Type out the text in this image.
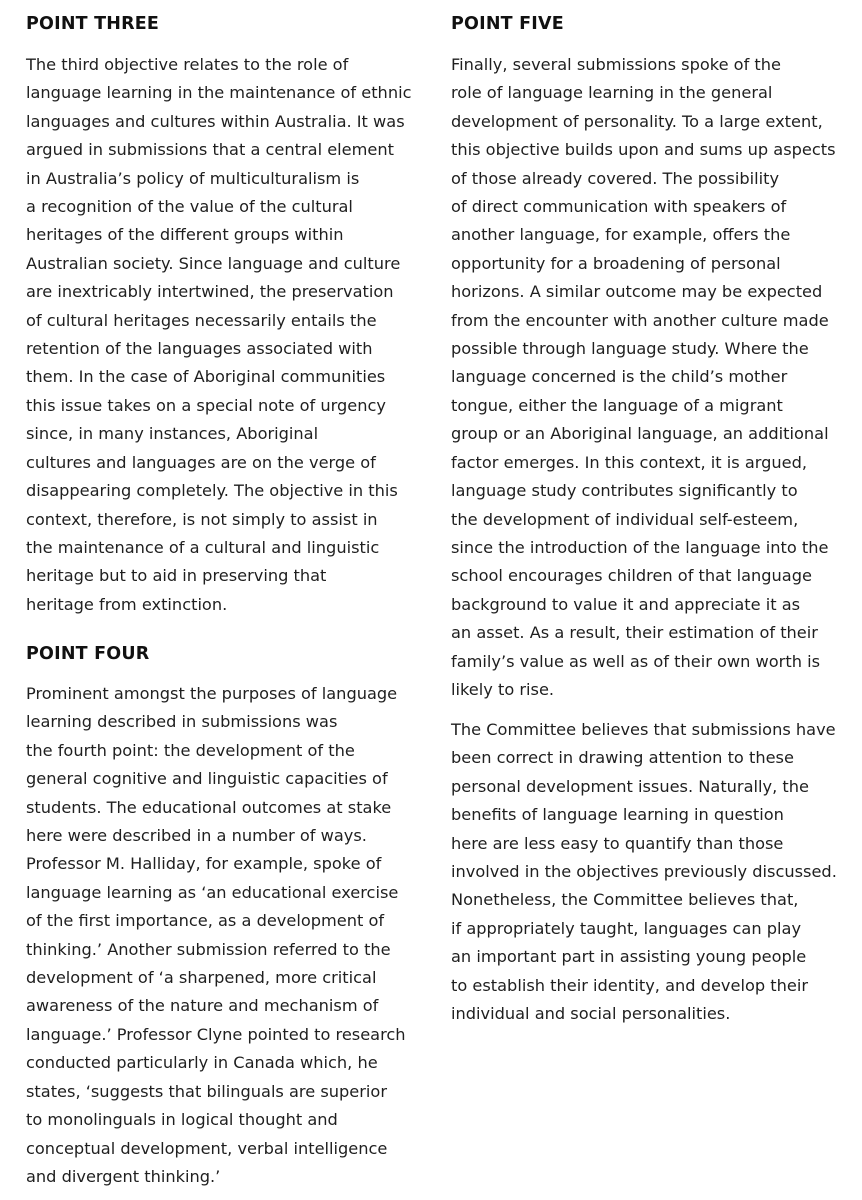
POINT THREE
The third objective relates to the role of
language learning in the maintenance of ethnic
languages and cultures within Australia. It was
argued in submissions that a central element
in Australia’s policy of multiculturalism is
a recognition of the value of the cultural
heritages of the different groups within
Australian society. Since language and culture
are inextricably intertwined, the preservation
of cultural heritages necessarily entails the
retention of the languages associated with
them. In the case of Aboriginal communities
this issue takes on a special note of urgency
since, in many instances, Aboriginal
cultures and languages are on the verge of
disappearing completely. The objective in this
context, therefore, is not simply to assist in
the maintenance of a cultural and linguistic
heritage but to aid in preserving that
heritage from extinction.
POINT FOUR
Prominent amongst the purposes of language
learning described in submissions was
the fourth point: the development of the
general cognitive and linguistic capacities of
students. The educational outcomes at stake
here were described in a number of ways.
Professor M. Halliday, for example, spoke of
language learning as ‘an educational exercise
of the first importance, as a development of
thinking.’ Another submission referred to the
development of ‘a sharpened, more critical
awareness of the nature and mechanism of
language.’ Professor Clyne pointed to research
conducted particularly in Canada which, he
states, ‘suggests that bilinguals are superior
to monolinguals in logical thought and
conceptual development, verbal intelligence
and divergent thinking.’
POINT FIVE
Finally, several submissions spoke of the
role of language learning in the general
development of personality. To a large extent,
this objective builds upon and sums up aspects
of those already covered. The possibility
of direct communication with speakers of
another language, for example, offers the
opportunity for a broadening of personal
horizons. A similar outcome may be expected
from the encounter with another culture made
possible through language study. Where the
language concerned is the child’s mother
tongue, either the language of a migrant
group or an Aboriginal language, an additional
factor emerges. In this context, it is argued,
language study contributes significantly to
the development of individual self-esteem,
since the introduction of the language into the
school encourages children of that language
background to value it and appreciate it as
an asset. As a result, their estimation of their
family’s value as well as of their own worth is
likely to rise.
The Committee believes that submissions have
been correct in drawing attention to these
personal development issues. Naturally, the
benefits of language learning in question
here are less easy to quantify than those
involved in the objectives previously discussed.
Nonetheless, the Committee believes that,
if appropriately taught, languages can play
an important part in assisting young people
to establish their identity, and develop their
individual and social personalities.
